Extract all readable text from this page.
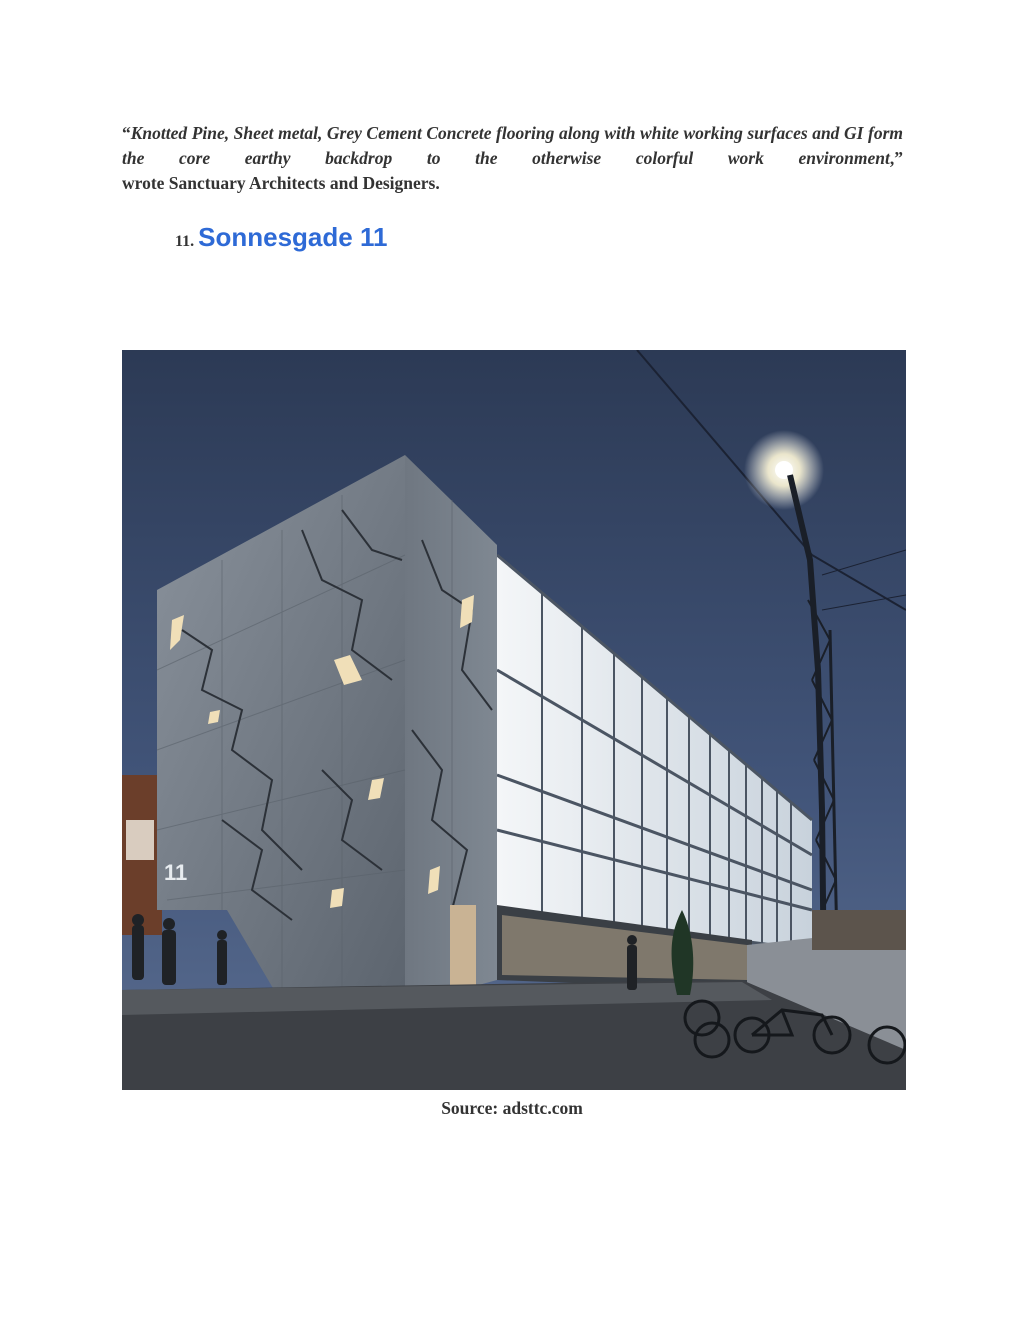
“Knotted Pine, Sheet metal, Grey Cement Concrete flooring along with white working surfaces and GI form the core earthy backdrop to the otherwise colorful work environment,”

wrote Sanctuary Architects and Designers.

11. Sonnesgade 11
11

Source: adsttc.com
